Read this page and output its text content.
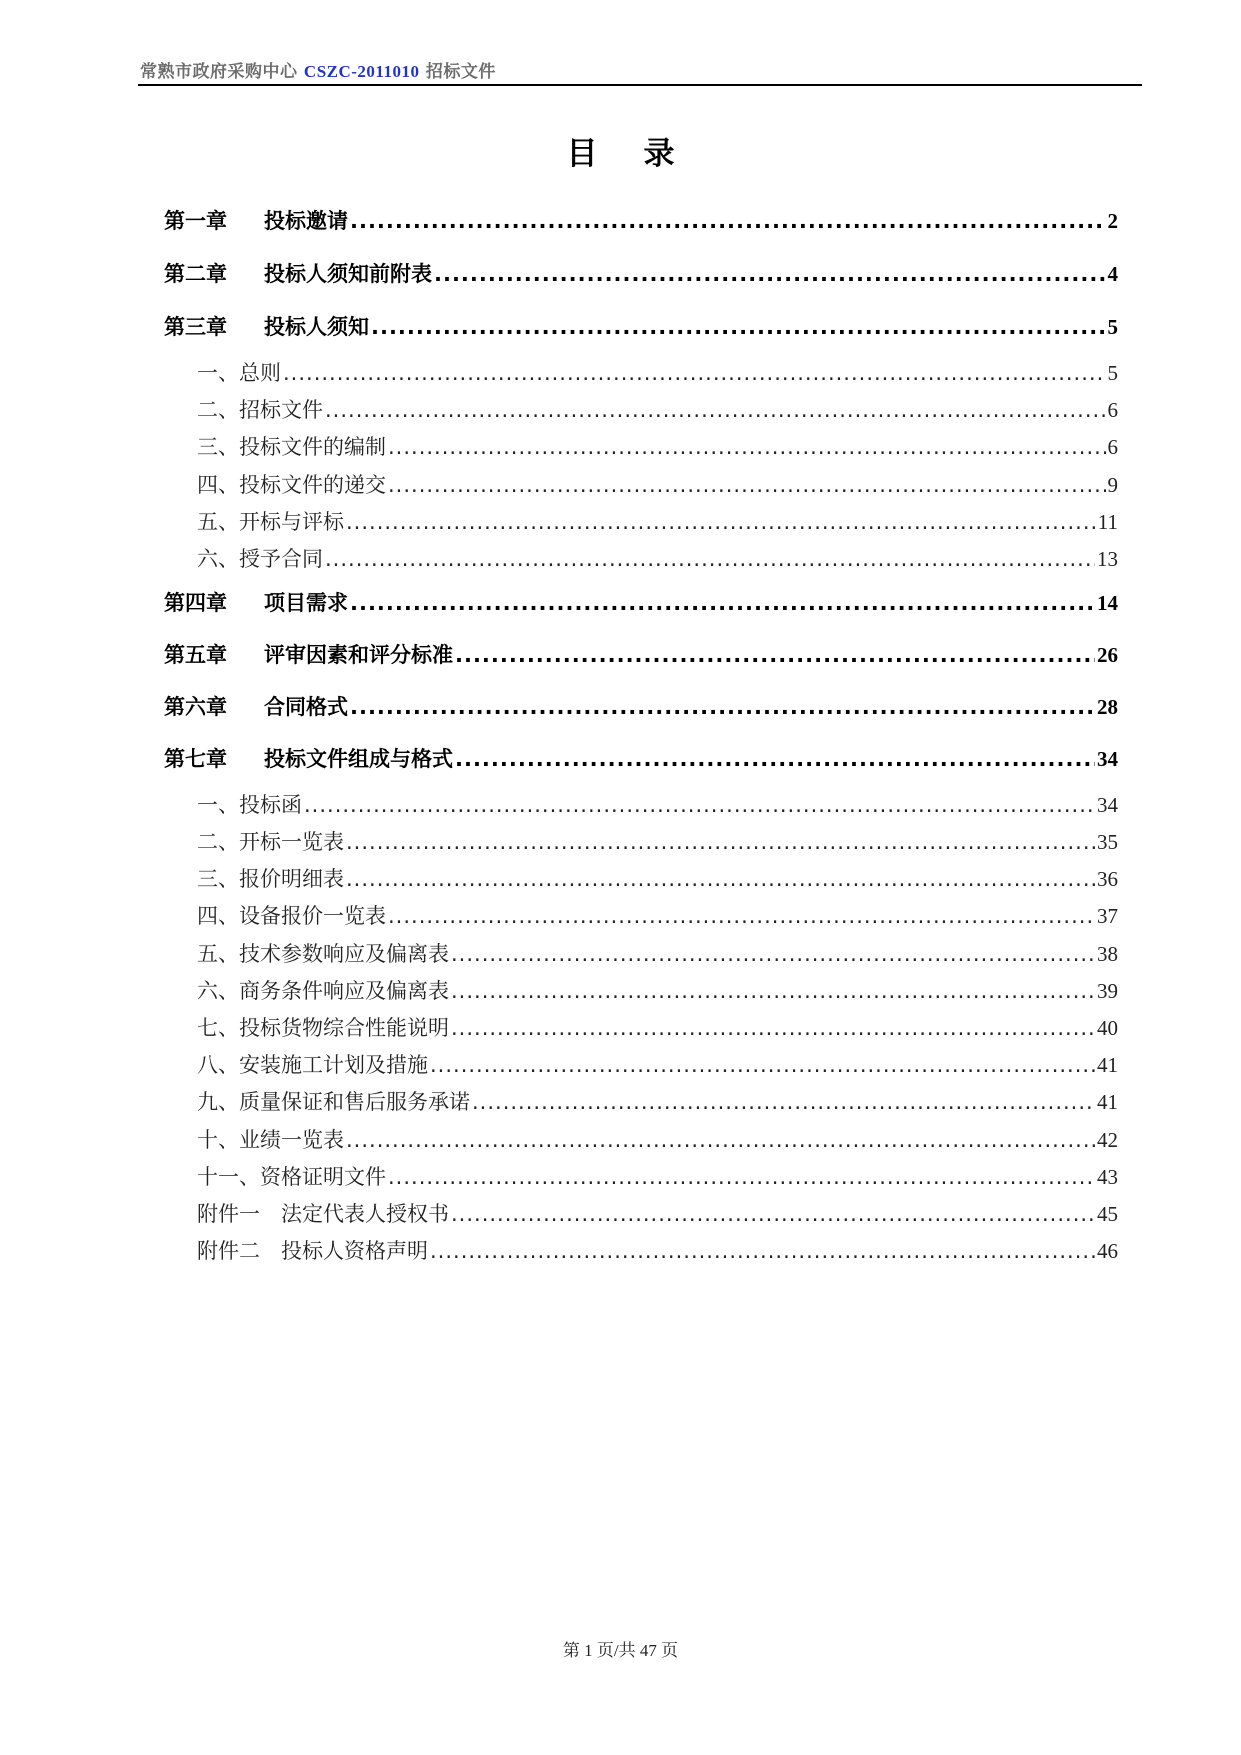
常熟市政府采购中心 CSZC-2011010 招标文件
目录
第一章	投标邀请 .....	2
第二章	投标人须知前附表 .....	4
第三章	投标人须知 .....	5
一、总则 .....	5
二、招标文件 .....	6
三、投标文件的编制 .....	6
四、投标文件的递交 .....	9
五、开标与评标 .....	11
六、授予合同 .....	13
第四章	项目需求 .....	14
第五章	评审因素和评分标准 .....	26
第六章	合同格式 .....	28
第七章	投标文件组成与格式 .....	34
一、投标函 .....	34
二、开标一览表 .....	35
三、报价明细表 .....	36
四、设备报价一览表 .....	37
五、技术参数响应及偏离表 .....	38
六、商务条件响应及偏离表 .....	39
七、投标货物综合性能说明 .....	40
八、安装施工计划及措施 .....	41
九、质量保证和售后服务承诺 .....	41
十、业绩一览表 .....	42
十一、资格证明文件 .....	43
附件一　法定代表人授权书 .....	45
附件二　投标人资格声明 .....	46
第 1 页/共 47 页
